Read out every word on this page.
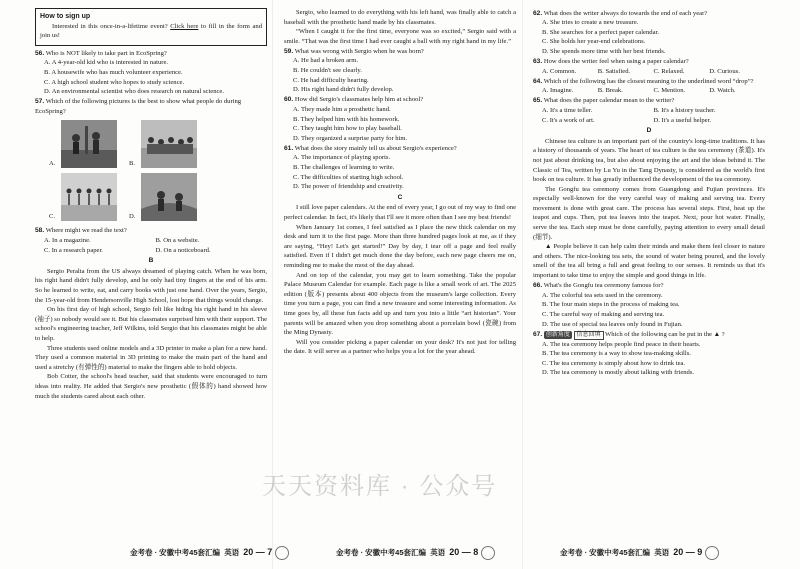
How to sign up
Interested in this once-in-a-lifetime event? Click here to fill in the form and join us!
56. Who is NOT likely to take part in EcoSpring?
A. A 4-year-old kid who is interested in nature.
B. A housewife who has much volunteer experience.
C. A high school student who hopes to study science.
D. An environmental scientist who does research on natural science.
57. Which of the following pictures is the best to show what people do during EcoSpring?
A.	B.
C.	D.
58. Where might we read the text?
A. In a magazine.	B. On a website.
C. In a research paper.	D. On a noticeboard.
B

Sergio Peralta from the US always dreamed of playing catch. When he was born, his right hand didn't fully develop, and he only had tiny fingers at the end of his arm. So he learned to write, eat, and carry books with just one hand. Over the years, Sergio, the 15-year-old from Hendersonville High School, lost hope that things would change.

On his first day of high school, Sergio felt like hiding his right hand in his sleeve (袖子) so nobody would see it. But his classmates surprised him with their support. The school's engineering teacher, Jeff Wilkins, told Sergio that his classmates might be able to help.

Three students used online models and a 3D printer to make a plan for a new hand. They used a common material in 3D printing to make the main part of the hand and used a stretchy (有弹性的) material to make the fingers able to hold objects.

Bob Cotter, the school's head teacher, said that students were encouraged to turn ideas into reality. He added that Sergio's new prosthetic (假体的) hand showed how much the students cared about each other.

Sergio, who learned to do everything with his left hand, was finally able to catch a baseball with the prosthetic hand made by his classmates.

“When I caught it for the first time, everyone was so excited,” Sergio said with a smile. “That was the first time I had ever caught a ball with my right hand in my life.”

59. What was wrong with Sergio when he was born?
A. He had a broken arm.
B. He couldn't see clearly.
C. He had difficulty hearing.
D. His right hand didn't fully develop.
60. How did Sergio's classmates help him at school?
A. They made him a prosthetic hand.
B. They helped him with his homework.
C. They taught him how to play baseball.
D. They organized a surprise party for him.
61. What does the story mainly tell us about Sergio's experience?
A. The importance of playing sports.
B. The challenges of learning to write.
C. The difficulties of starting high school.
D. The power of friendship and creativity.
C

I still love paper calendars. At the end of every year, I go out of my way to find one perfect calendar. In fact, it's likely that I'll see it more often than I see my best friends!

When January 1st comes, I feel satisfied as I place the new thick calendar on my desk and turn it to the first page. More than three hundred pages look at me, as if they are saying, “Hey! Let's get started!” Day by day, I tear off a page and feel really satisfied. Even if I didn't get much done the day before, each new page cheers me on, reminding me to make the most of the day ahead.

And on top of the calendar, you may get to learn something. Take the popular Palace Museum Calendar for example. Each page is like a small work of art. The 2025 edition (版本) presents about 400 objects from the museum's large collection. Every time you turn a page, you can find a new treasure and some interesting information. As time goes by, all these fun facts add up and turn you into a little “art historian”. Your parents will be amazed when you drop something about a porcelain bowl (瓷碗) from the Ming Dynasty.

Will you consider picking a paper calendar on your desk? It's not just for telling the date. It will serve as a partner who helps you a lot for the year ahead.

62. What does the writer always do towards the end of each year?
A. She tries to create a new treasure.
B. She searches for a perfect paper calendar.
C. She holds her year-end celebrations.
D. She spends more time with her best friends.
63. How does the writer feel when using a paper calendar?
A. Common.	B. Satisfied.	C. Relaxed.	D. Curious.
64. Which of the following has the closest meaning to the underlined word “drop”?
A. Imagine.	B. Break.	C. Mention.	D. Watch.
65. What does the paper calendar mean to the writer?
A. It's a time teller.	B. It's a history teacher.
C. It's a work of art.	D. It's a useful helper.
D

Chinese tea culture is an important part of the country's long-time traditions. It has a history of thousands of years. The heart of tea culture is the tea ceremony (茶道). It's not just about drinking tea, but also about enjoying the art and the ideas behind it. The Classic of Tea, written by Lu Yu in the Tang Dynasty, is considered as the world's first book on tea culture. It has greatly influenced the development of the tea ceremony.

The Gongfu tea ceremony comes from Guangdong and Fujian provinces. It's especially well-known for the very careful way of making and serving tea. Every movement is done with great care. The process has several steps. First, heat up the teapot and cups. Then, put tea leaves into the teapot. Next, pour hot water. Finally, serve the tea. Each step must be done carefully, paying attention to every small detail (细节).

▲ People believe it can help calm their minds and make them feel closer to nature and others. The nice-looking tea sets, the sound of water being poured, and the lovely smell of the tea all bring a full and great feeling to our senses. It reminds us that it's important to take time to enjoy the simple and good things in life.

66. What's the Gongfu tea ceremony famous for?
A. The colorful tea sets used in the ceremony.
B. The four main steps in the process of making tea.
C. The careful way of making and serving tea.
D. The use of special tea leaves only found in Fujian.
67. 创新角度 信息回填 Which of the following can be put in the ▲ ?
A. The tea ceremony helps people find peace in their hearts.
B. The tea ceremony is a way to show tea-making skills.
C. The tea ceremony is simply about how to drink tea.
D. The tea ceremony is mostly about talking with friends.
金考卷 · 安徽中考45套汇编
英语 20 — 7	金考卷 · 安徽中考45套汇编
英语 20 — 8	金考卷 · 安徽中考45套汇编
英语 20 — 9
天天资料库 · 公众号
